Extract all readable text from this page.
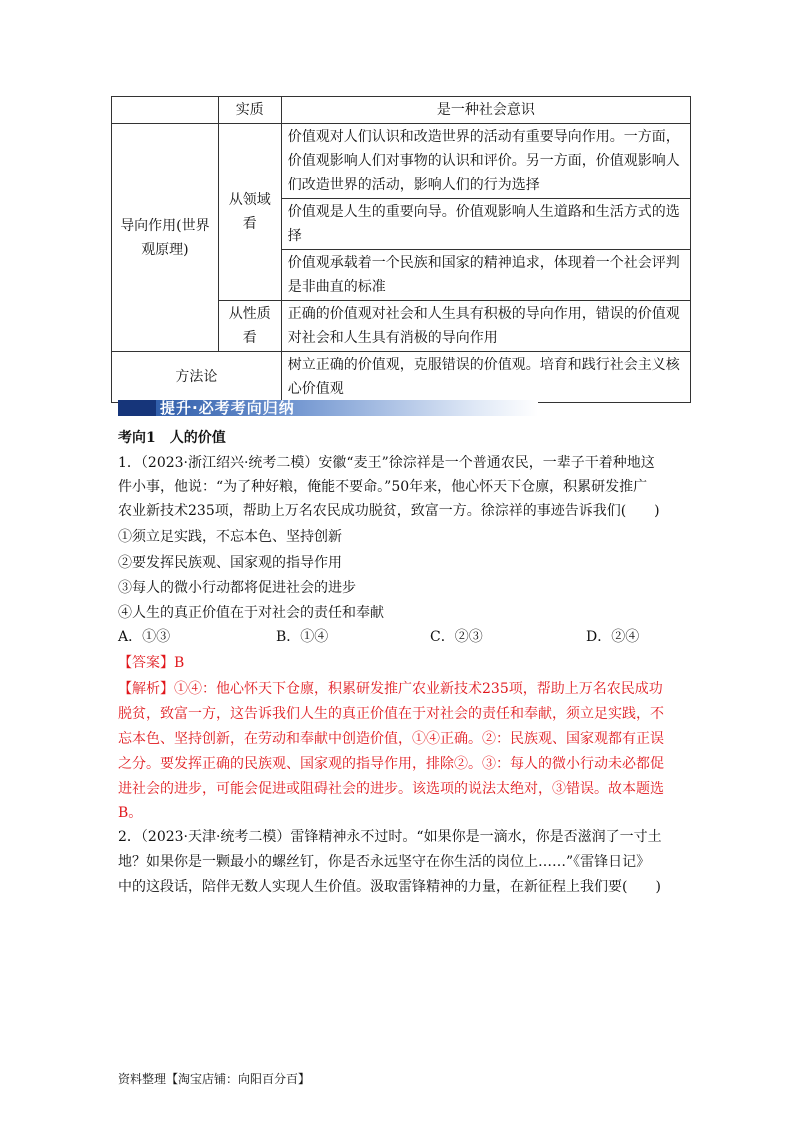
	实质	是一种社会意识
导向作用(世界观原理)	从领域看	价值观对人们认识和改造世界的活动有重要导向作用。一方面，价值观影响人们对事物的认识和评价。另一方面，价值观影响人们改造世界的活动，影响人们的行为选择
		价值观是人生的重要向导。价值观影响人生道路和生活方式的选择
		价值观承载着一个民族和国家的精神追求，体现着一个社会评判是非曲直的标准
	从性质看	正确的价值观对社会和人生具有积极的导向作用，错误的价值观对社会和人生具有消极的导向作用
方法论		树立正确的价值观，克服错误的价值观。培育和践行社会主义核心价值观
提升·必考考向归纳
考向1　人的价值
1．（2023·浙江绍兴·统考二模）安徽“麦王”徐淙祥是一个普通农民，一辈子干着种地这
件小事，他说：“为了种好粮，俺能不要命。”50年来，他心怀天下仓廪，积累研发推广
农业新技术235项，帮助上万名农民成功脱贫，致富一方。徐淙祥的事迹告诉我们(　　)
①须立足实践，不忘本色、坚持创新
②要发挥民族观、国家观的指导作用
③每人的微小行动都将促进社会的进步
④人生的真正价值在于对社会的责任和奉献
A．①③	B．①④	C．②③	D．②④
【答案】B
【解析】①④：他心怀天下仓廪，积累研发推广农业新技术235项，帮助上万名农民成功
脱贫，致富一方，这告诉我们人生的真正价值在于对社会的责任和奉献，须立足实践，不
忘本色、坚持创新，在劳动和奉献中创造价值，①④正确。②：民族观、国家观都有正误
之分。要发挥正确的民族观、国家观的指导作用，排除②。③：每人的微小行动未必都促
进社会的进步，可能会促进或阻碍社会的进步。该选项的说法太绝对，③错误。故本题选
B。
2．（2023·天津·统考二模）雷锋精神永不过时。“如果你是一滴水，你是否滋润了一寸土
地？如果你是一颗最小的螺丝钉，你是否永远坚守在你生活的岗位上……”《雷锋日记》
中的这段话，陪伴无数人实现人生价值。汲取雷锋精神的力量，在新征程上我们要(　　)
资料整理【淘宝店铺：向阳百分百】
